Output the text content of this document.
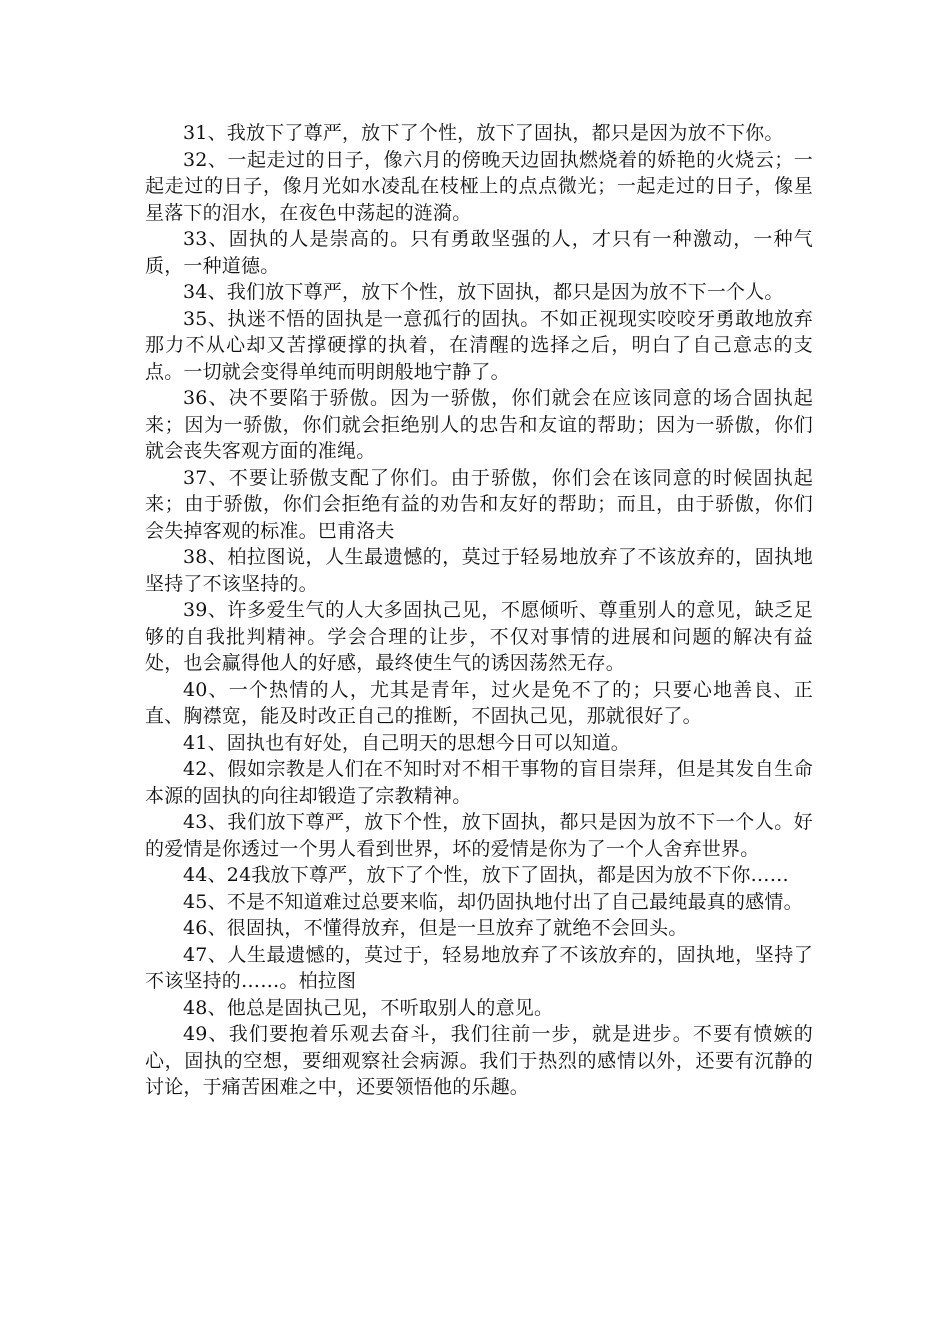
31、我放下了尊严，放下了个性，放下了固执，都只是因为放不下你。

32、一起走过的日子，像六月的傍晚天边固执燃烧着的娇艳的火烧云；一起走过的日子，像月光如水凌乱在枝桠上的点点微光；一起走过的日子，像星星落下的泪水，在夜色中荡起的涟漪。

33、固执的人是崇高的。只有勇敢坚强的人，才只有一种激动，一种气质，一种道德。

34、我们放下尊严，放下个性，放下固执，都只是因为放不下一个人。

35、执迷不悟的固执是一意孤行的固执。不如正视现实咬咬牙勇敢地放弃那力不从心却又苦撑硬撑的执着，在清醒的选择之后，明白了自己意志的支点。一切就会变得单纯而明朗般地宁静了。

36、决不要陷于骄傲。因为一骄傲，你们就会在应该同意的场合固执起来；因为一骄傲，你们就会拒绝别人的忠告和友谊的帮助；因为一骄傲，你们就会丧失客观方面的准绳。

37、不要让骄傲支配了你们。由于骄傲，你们会在该同意的时候固执起来；由于骄傲，你们会拒绝有益的劝告和友好的帮助；而且，由于骄傲，你们会失掉客观的标准。巴甫洛夫

38、柏拉图说，人生最遗憾的，莫过于轻易地放弃了不该放弃的，固执地坚持了不该坚持的。

39、许多爱生气的人大多固执己见，不愿倾听、尊重别人的意见，缺乏足够的自我批判精神。学会合理的让步，不仅对事情的进展和问题的解决有益处，也会赢得他人的好感，最终使生气的诱因荡然无存。

40、一个热情的人，尤其是青年，过火是免不了的；只要心地善良、正直、胸襟宽，能及时改正自己的推断，不固执己见，那就很好了。

41、固执也有好处，自己明天的思想今日可以知道。

42、假如宗教是人们在不知时对不相干事物的盲目崇拜，但是其发自生命本源的固执的向往却锻造了宗教精神。

43、我们放下尊严，放下个性，放下固执，都只是因为放不下一个人。好的爱情是你透过一个男人看到世界，坏的爱情是你为了一个人舍弃世界。

44、24我放下尊严，放下了个性，放下了固执，都是因为放不下你……

45、不是不知道难过总要来临，却仍固执地付出了自己最纯最真的感情。

46、很固执，不懂得放弃，但是一旦放弃了就绝不会回头。

47、人生最遗憾的，莫过于，轻易地放弃了不该放弃的，固执地，坚持了不该坚持的……。柏拉图

48、他总是固执己见，不听取别人的意见。

49、我们要抱着乐观去奋斗，我们往前一步，就是进步。不要有愤嫉的心，固执的空想，要细观察社会病源。我们于热烈的感情以外，还要有沉静的讨论，于痛苦困难之中，还要领悟他的乐趣。
